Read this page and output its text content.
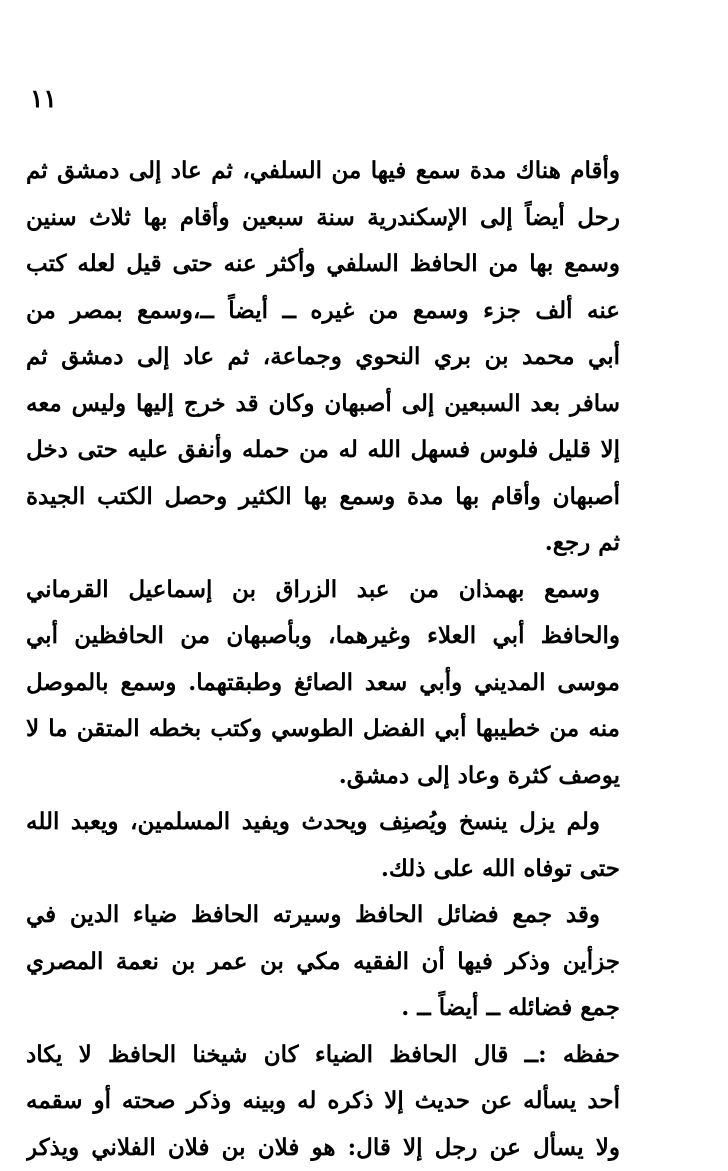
١١
وأقام هناك مدة سمع فيها من السلفي، ثم عاد إلى دمشق ثم
رحل أيضاً إلى الإسكندرية سنة سبعين وأقام بها ثلاث سنين
وسمع بها من الحافظ السلفي وأكثر عنه حتى قيل لعله كتب
عنه ألف جزء وسمع من غيره ــ أيضاً ــ،وسمع بمصر من
أبي محمد بن بري النحوي وجماعة، ثم عاد إلى دمشق ثم
سافر بعد السبعين إلى أصبهان وكان قد خرج إليها وليس معه
إلا قليل فلوس فسهل الله له من حمله وأنفق عليه حتى دخل
أصبهان وأقام بها مدة وسمع بها الكثير وحصل الكتب الجيدة
ثم رجع.
وسمع بهمذان من عبد الزراق بن إسماعيل القرماني
والحافظ أبي العلاء وغيرهما، وبأصبهان من الحافظين أبي
موسى المديني وأبي سعد الصائغ وطبقتهما. وسمع بالموصل
منه من خطيبها أبي الفضل الطوسي وكتب بخطه المتقن ما لا
يوصف كثرة وعاد إلى دمشق.
ولم يزل ينسخ ويُصنِف ويحدث ويفيد المسلمين، ويعبد الله
حتى توفاه الله على ذلك.
وقد جمع فضائل الحافظ وسيرته الحافظ ضياء الدين في
جزأين وذكر فيها أن الفقيه مكي بن عمر بن نعمة المصري
جمع فضائله ــ أيضاً ــ .
حفظه :ــ قال الحافظ الضياء كان شيخنا الحافظ لا يكاد
أحد يسأله عن حديث إلا ذكره له وبينه وذكر صحته أو سقمه
ولا يسأل عن رجل إلا قال: هو فلان بن فلان الفلاني ويذكر
